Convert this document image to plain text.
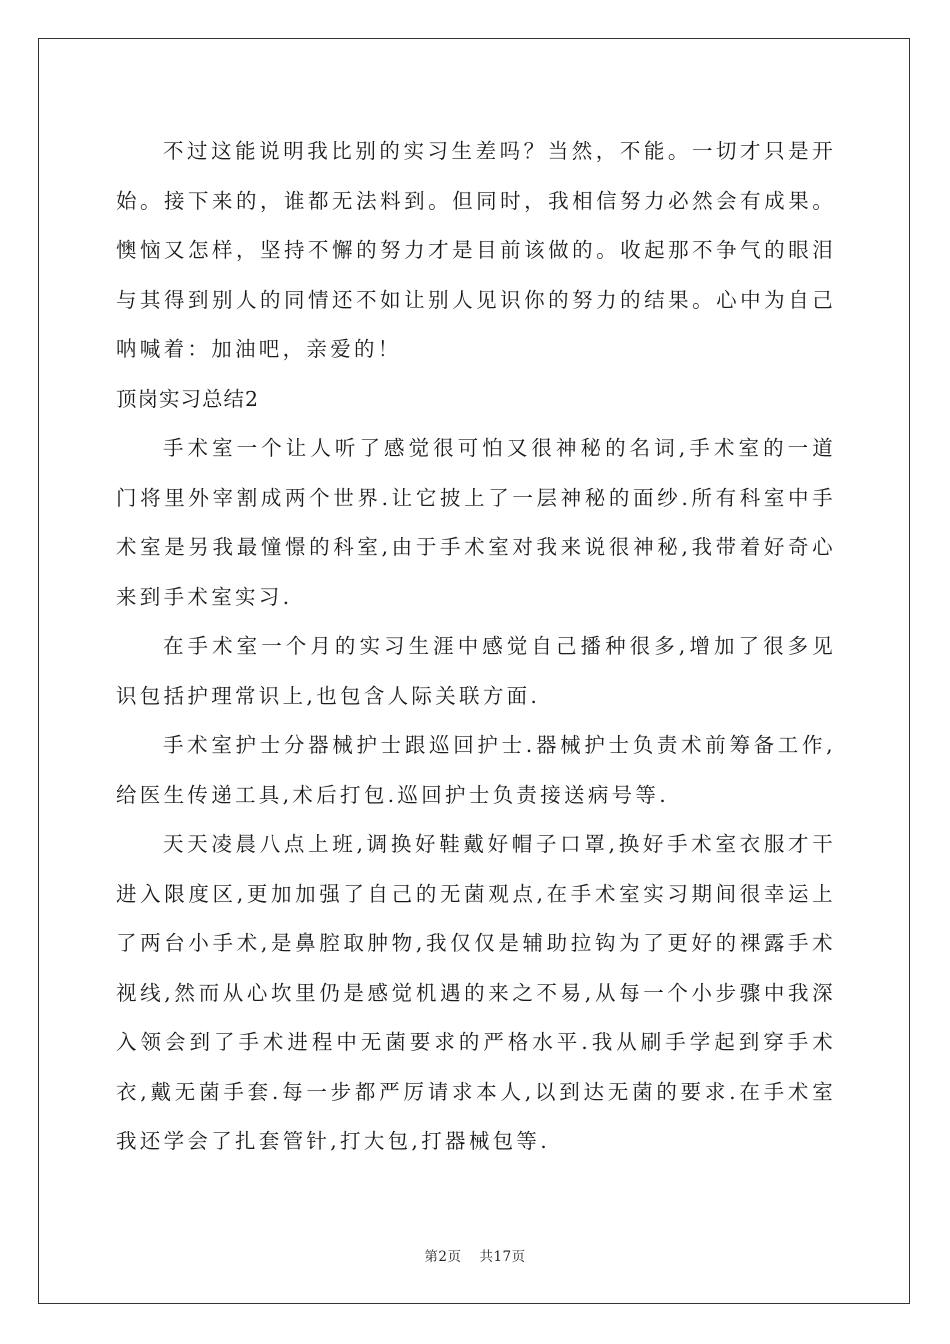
不过这能说明我比别的实习生差吗？当然，不能。一切才只是开始。接下来的，谁都无法料到。但同时，我相信努力必然会有成果。懊恼又怎样，坚持不懈的努力才是目前该做的。收起那不争气的眼泪与其得到别人的同情还不如让别人见识你的努力的结果。心中为自己呐喊着：加油吧，亲爱的！

顶岗实习总结2

手术室一个让人听了感觉很可怕又很神秘的名词,手术室的一道门将里外宰割成两个世界.让它披上了一层神秘的面纱.所有科室中手术室是另我最憧憬的科室,由于手术室对我来说很神秘,我带着好奇心来到手术室实习.

在手术室一个月的实习生涯中感觉自己播种很多,增加了很多见识包括护理常识上,也包含人际关联方面.

手术室护士分器械护士跟巡回护士.器械护士负责术前筹备工作,给医生传递工具,术后打包.巡回护士负责接送病号等.

天天凌晨八点上班,调换好鞋戴好帽子口罩,换好手术室衣服才干进入限度区,更加加强了自己的无菌观点,在手术室实习期间很幸运上了两台小手术,是鼻腔取肿物,我仅仅是辅助拉钩为了更好的裸露手术视线,然而从心坎里仍是感觉机遇的来之不易,从每一个小步骤中我深入领会到了手术进程中无菌要求的严格水平.我从刷手学起到穿手术衣,戴无菌手套.每一步都严厉请求本人,以到达无菌的要求.在手术室我还学会了扎套管针,打大包,打器械包等.

第2页 共17页
